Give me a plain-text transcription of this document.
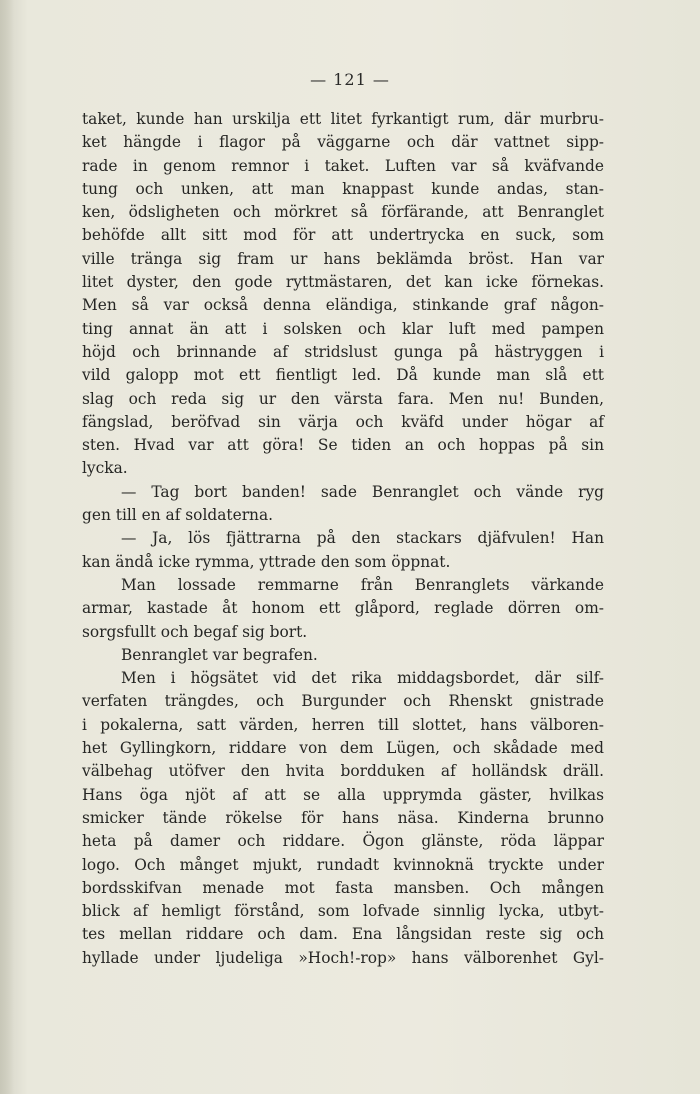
— 121 —
taket, kunde han urskilja ett litet fyrkantigt rum, där murbru-
ket hängde i flagor på väggarne och där vattnet sipp-
rade in genom remnor i taket. Luften var så kväfvande
tung och unken, att man knappast kunde andas, stan-
ken, ödsligheten och mörkret så förfärande, att Benranglet
behöfde allt sitt mod för att undertrycka en suck, som
ville tränga sig fram ur hans beklämda bröst. Han var
litet dyster, den gode ryttmästaren, det kan icke förnekas.
Men så var också denna eländiga, stinkande graf någon-
ting annat än att i solsken och klar luft med pampen
höjd och brinnande af stridslust gunga på hästryggen i
vild galopp mot ett fientligt led. Då kunde man slå ett
slag och reda sig ur den värsta fara. Men nu! Bunden,
fängslad, beröfvad sin värja och kväfd under högar af
sten. Hvad var att göra! Se tiden an och hoppas på sin
lycka.
— Tag bort banden! sade Benranglet och vände ryg
gen till en af soldaterna.
— Ja, lös fjättrarna på den stackars djäfvulen! Han
kan ändå icke rymma, yttrade den som öppnat.
Man lossade remmarne från Benranglets värkande
armar, kastade åt honom ett glåpord, reglade dörren om-
sorgsfullt och begaf sig bort.
Benranglet var begrafen.
Men i högsätet vid det rika middagsbordet, där silf-
verfaten trängdes, och Burgunder och Rhenskt gnistrade
i pokalerna, satt värden, herren till slottet, hans välboren-
het Gyllingkorn, riddare von dem Lügen, och skådade med
välbehag utöfver den hvita bordduken af holländsk dräll.
Hans öga njöt af att se alla upprymda gäster, hvilkas
smicker tände rökelse för hans näsa. Kinderna brunno
heta på damer och riddare. Ögon glänste, röda läppar
logo. Och månget mjukt, rundadt kvinnoknä tryckte under
bordsskifvan menade mot fasta mansben. Och mången
blick af hemligt förstånd, som lofvade sinnlig lycka, utbyt-
tes mellan riddare och dam. Ena långsidan reste sig och
hyllade under ljudeliga »Hoch!-rop» hans välborenhet Gyl-
